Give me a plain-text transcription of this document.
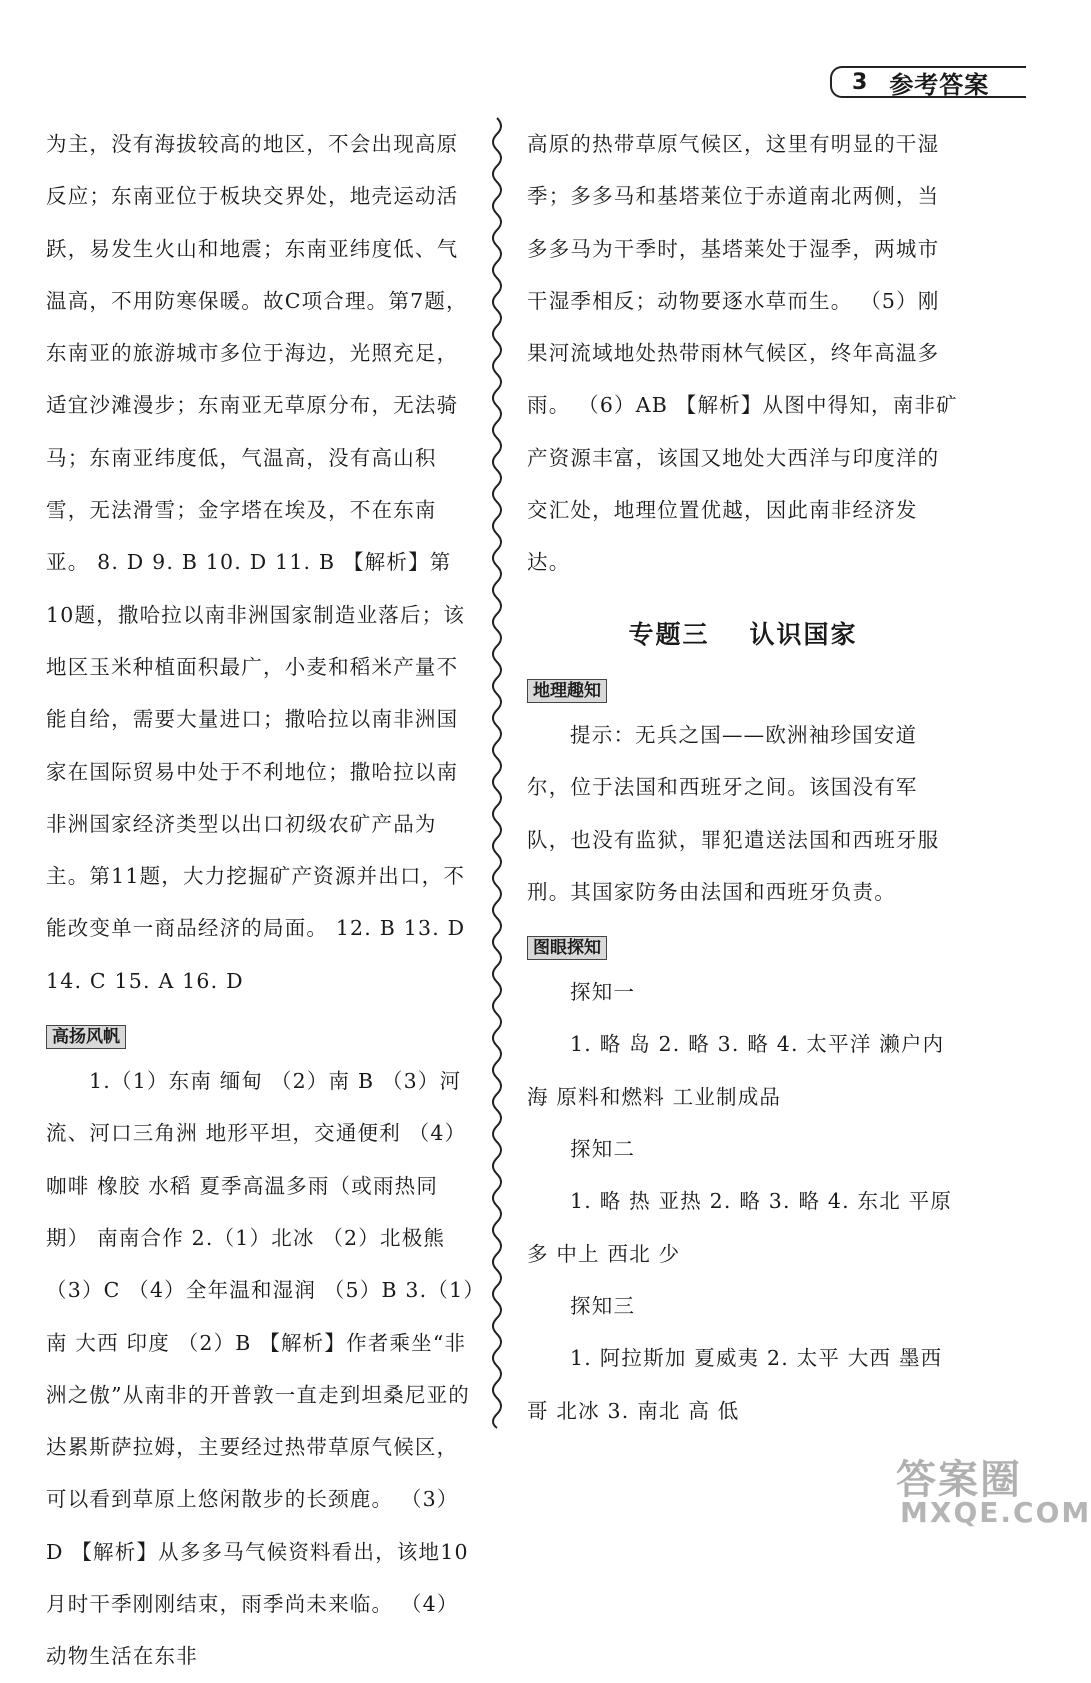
3 参考答案

为主，没有海拔较高的地区，不会出现高原反应；东南亚位于板块交界处，地壳运动活跃，易发生火山和地震；东南亚纬度低、气温高，不用防寒保暖。故C项合理。第7题，东南亚的旅游城市多位于海边，光照充足，适宜沙滩漫步；东南亚无草原分布，无法骑马；东南亚纬度低，气温高，没有高山积雪，无法滑雪；金字塔在埃及，不在东南亚。 8. D 9. B 10. D 11. B 【解析】第10题，撒哈拉以南非洲国家制造业落后；该地区玉米种植面积最广，小麦和稻米产量不能自给，需要大量进口；撒哈拉以南非洲国家在国际贸易中处于不利地位；撒哈拉以南非洲国家经济类型以出口初级农矿产品为主。第11题，大力挖掘矿产资源并出口，不能改变单一商品经济的局面。 12. B 13. D 14. C 15. A 16. D

高扬风帆

1.（1）东南 缅甸 （2）南 B （3）河流、河口三角洲 地形平坦，交通便利 （4）咖啡 橡胶 水稻 夏季高温多雨（或雨热同期） 南南合作 2.（1）北冰 （2）北极熊 （3）C （4）全年温和湿润 （5）B 3.（1）南 大西 印度 （2）B 【解析】作者乘坐“非洲之傲”从南非的开普敦一直走到坦桑尼亚的达累斯萨拉姆，主要经过热带草原气候区，可以看到草原上悠闲散步的长颈鹿。 （3）D 【解析】从多多马气候资料看出，该地10月时干季刚刚结束，雨季尚未来临。 （4）动物生活在东非

高原的热带草原气候区，这里有明显的干湿季；多多马和基塔莱位于赤道南北两侧，当多多马为干季时，基塔莱处于湿季，两城市干湿季相反；动物要逐水草而生。 （5）刚果河流域地处热带雨林气候区，终年高温多雨。 （6）AB 【解析】从图中得知，南非矿产资源丰富，该国又地处大西洋与印度洋的交汇处，地理位置优越，因此南非经济发达。

专题三 认识国家
地理趣知

提示：无兵之国——欧洲袖珍国安道尔，位于法国和西班牙之间。该国没有军队，也没有监狱，罪犯遣送法国和西班牙服刑。其国家防务由法国和西班牙负责。

图眼探知

探知一

1. 略 岛 2. 略 3. 略 4. 太平洋 濑户内海 原料和燃料 工业制成品

探知二

1. 略 热 亚热 2. 略 3. 略 4. 东北 平原 多 中上 西北 少

探知三

1. 阿拉斯加 夏威夷 2. 太平 大西 墨西哥 北冰 3. 南北 高 低

答案圈
MXQE.COM
